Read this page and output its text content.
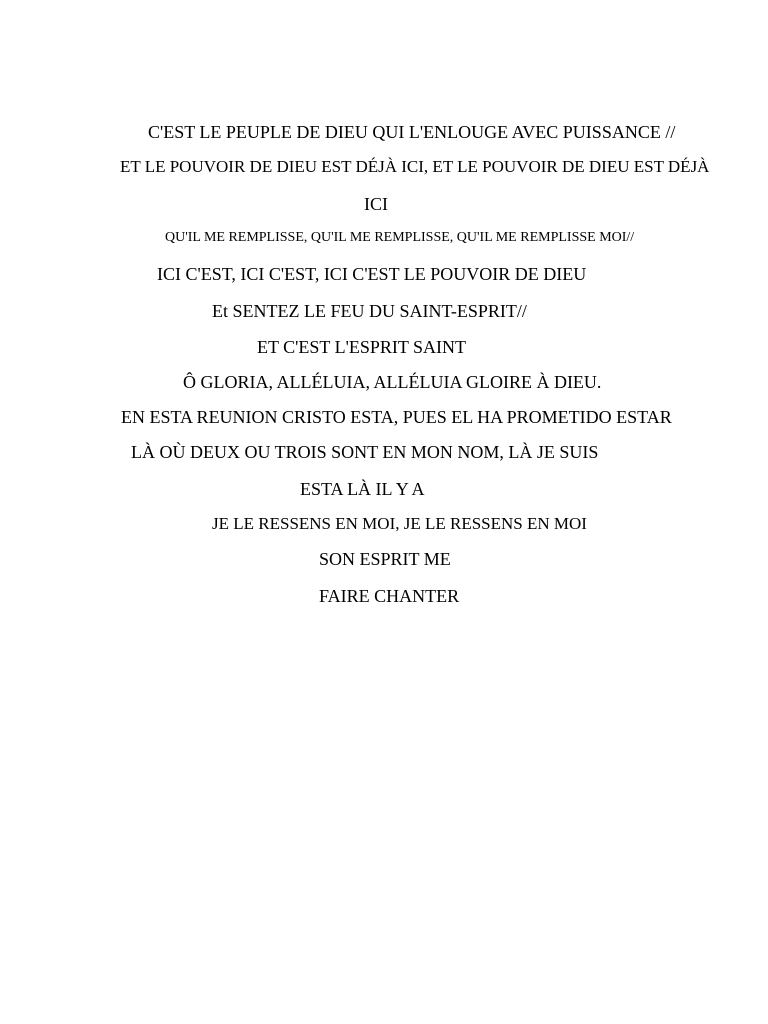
C'EST LE PEUPLE DE DIEU QUI L'ENLOUGE AVEC PUISSANCE //
ET LE POUVOIR DE DIEU EST DÉJÀ ICI, ET LE POUVOIR DE DIEU EST DÉJÀ
ICI
QU'IL ME REMPLISSE, QU'IL ME REMPLISSE, QU'IL ME REMPLISSE MOI//
ICI C'EST, ICI C'EST, ICI C'EST LE POUVOIR DE DIEU
Et SENTEZ LE FEU DU SAINT-ESPRIT//
ET C'EST L'ESPRIT SAINT
Ô GLORIA, ALLÉLUIA, ALLÉLUIA GLOIRE À DIEU.
EN ESTA REUNION CRISTO ESTA, PUES EL HA PROMETIDO ESTAR
LÀ OÙ DEUX OU TROIS SONT EN MON NOM, LÀ JE SUIS
ESTA LÀ IL Y A
JE LE RESSENS EN MOI, JE LE RESSENS EN MOI
SON ESPRIT ME
FAIRE CHANTER
